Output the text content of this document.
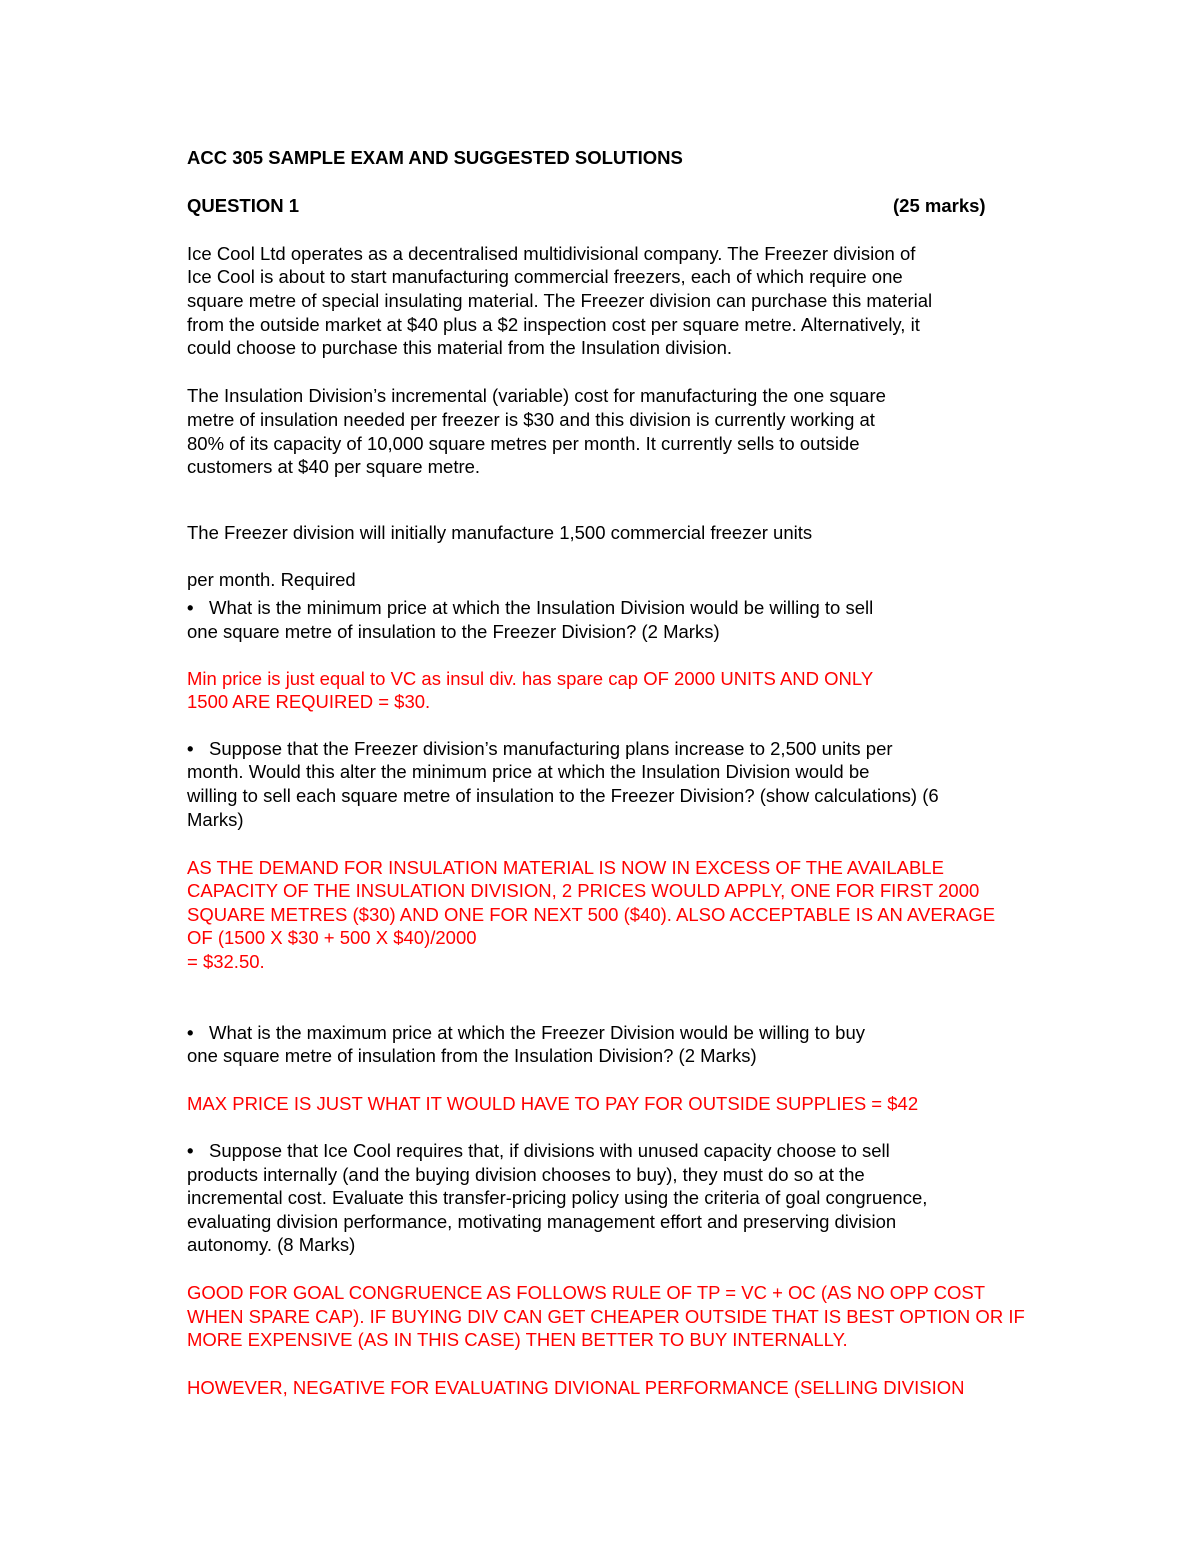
ACC 305 SAMPLE EXAM AND SUGGESTED SOLUTIONS
QUESTION 1	(25 marks)
Ice Cool Ltd operates as a decentralised multidivisional company. The Freezer division of
Ice Cool is about to start manufacturing commercial freezers, each of which require one
square metre of special insulating material. The Freezer division can purchase this material
from the outside market at $40 plus a $2 inspection cost per square metre. Alternatively, it
could choose to purchase this material from the Insulation division.
The Insulation Division’s incremental (variable) cost for manufacturing the one square
metre of insulation needed per freezer is $30 and this division is currently working at
80% of its capacity of 10,000 square metres per month. It currently sells to outside
customers at $40 per square metre.
The Freezer division will initially manufacture 1,500 commercial freezer units
per month. Required
• What is the minimum price at which the Insulation Division would be willing to sell
one square metre of insulation to the Freezer Division? (2 Marks)
Min price is just equal to VC as insul div. has spare cap OF 2000 UNITS AND ONLY
1500 ARE REQUIRED = $30.
• Suppose that the Freezer division’s manufacturing plans increase to 2,500 units per
month. Would this alter the minimum price at which the Insulation Division would be
willing to sell each square metre of insulation to the Freezer Division? (show calculations) (6
Marks)
AS THE DEMAND FOR INSULATION MATERIAL IS NOW IN EXCESS OF THE AVAILABLE
CAPACITY OF THE INSULATION DIVISION, 2 PRICES WOULD APPLY, ONE FOR FIRST 2000
SQUARE METRES ($30) AND ONE FOR NEXT 500 ($40). ALSO ACCEPTABLE IS AN AVERAGE
OF (1500 X $30 + 500 X $40)/2000
= $32.50.
• What is the maximum price at which the Freezer Division would be willing to buy
one square metre of insulation from the Insulation Division? (2 Marks)
MAX PRICE IS JUST WHAT IT WOULD HAVE TO PAY FOR OUTSIDE SUPPLIES = $42
• Suppose that Ice Cool requires that, if divisions with unused capacity choose to sell
products internally (and the buying division chooses to buy), they must do so at the
incremental cost. Evaluate this transfer-pricing policy using the criteria of goal congruence,
evaluating division performance, motivating management effort and preserving division
autonomy. (8 Marks)
GOOD FOR GOAL CONGRUENCE AS FOLLOWS RULE OF TP = VC + OC (AS NO OPP COST
WHEN SPARE CAP). IF BUYING DIV CAN GET CHEAPER OUTSIDE THAT IS BEST OPTION OR IF
MORE EXPENSIVE (AS IN THIS CASE) THEN BETTER TO BUY INTERNALLY.
HOWEVER, NEGATIVE FOR EVALUATING DIVIONAL PERFORMANCE (SELLING DIVISION
